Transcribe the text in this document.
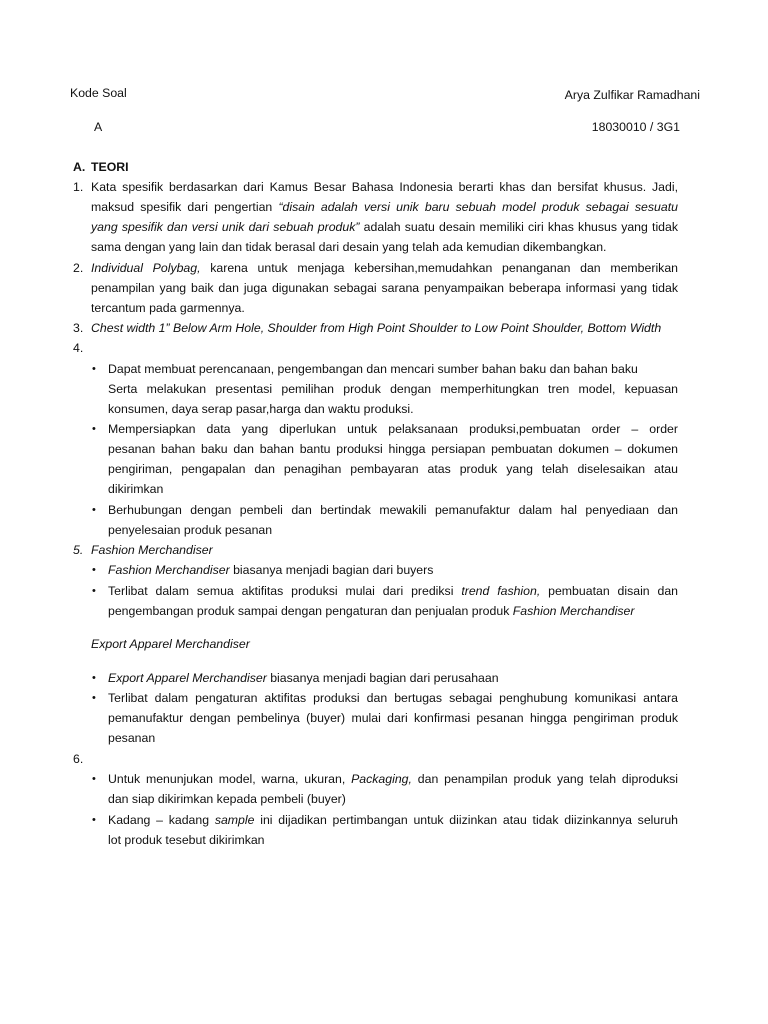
Kode Soal
A
Arya Zulfikar Ramadhani
18030010 / 3G1
A. TEORI
1. Kata spesifik berdasarkan dari Kamus Besar Bahasa Indonesia berarti khas dan bersifat khusus. Jadi,
maksud spesifik dari pengertian “disain adalah versi unik baru sebuah model produk sebagai sesuatu
yang spesifik dan versi unik dari sebuah produk” adalah suatu desain memiliki ciri khas khusus yang tidak
sama dengan yang lain dan tidak berasal dari desain yang telah ada kemudian dikembangkan.
2. Individual Polybag, karena untuk menjaga kebersihan,memudahkan penanganan dan memberikan
penampilan yang baik dan juga digunakan sebagai sarana penyampaikan beberapa informasi yang tidak
tercantum pada garmennya.
3. Chest width 1” Below Arm Hole, Shoulder from High Point Shoulder to Low Point Shoulder, Bottom Width
4.
• Dapat membuat perencanaan, pengembangan dan mencari sumber bahan baku dan bahan baku
Serta melakukan presentasi pemilihan produk dengan memperhitungkan tren model, kepuasan
konsumen, daya serap pasar,harga dan waktu produksi.
• Mempersiapkan data yang diperlukan untuk pelaksanaan produksi,pembuatan order – order
pesanan bahan baku dan bahan bantu produksi hingga persiapan pembuatan dokumen – dokumen
pengiriman, pengapalan dan penagihan pembayaran atas produk yang telah diselesaikan atau
dikirimkan
• Berhubungan dengan pembeli dan bertindak mewakili pemanufaktur dalam hal penyediaan dan
penyelesaian produk pesanan
5. Fashion Merchandiser
• Fashion Merchandiser biasanya menjadi bagian dari buyers
• Terlibat dalam semua aktifitas produksi mulai dari prediksi trend fashion, pembuatan disain dan
pengembangan produk sampai dengan pengaturan dan penjualan produk Fashion Merchandiser
Export Apparel Merchandiser
• Export Apparel Merchandiser biasanya menjadi bagian dari perusahaan
• Terlibat dalam pengaturan aktifitas produksi dan bertugas sebagai penghubung komunikasi antara
pemanufaktur dengan pembelinya (buyer) mulai dari konfirmasi pesanan hingga pengiriman produk
pesanan
6.
• Untuk menunjukan model, warna, ukuran, Packaging, dan penampilan produk yang telah diproduksi
dan siap dikirimkan kepada pembeli (buyer)
• Kadang – kadang sample ini dijadikan pertimbangan untuk diizinkan atau tidak diizinkannya seluruh
lot produk tesebut dikirimkan
